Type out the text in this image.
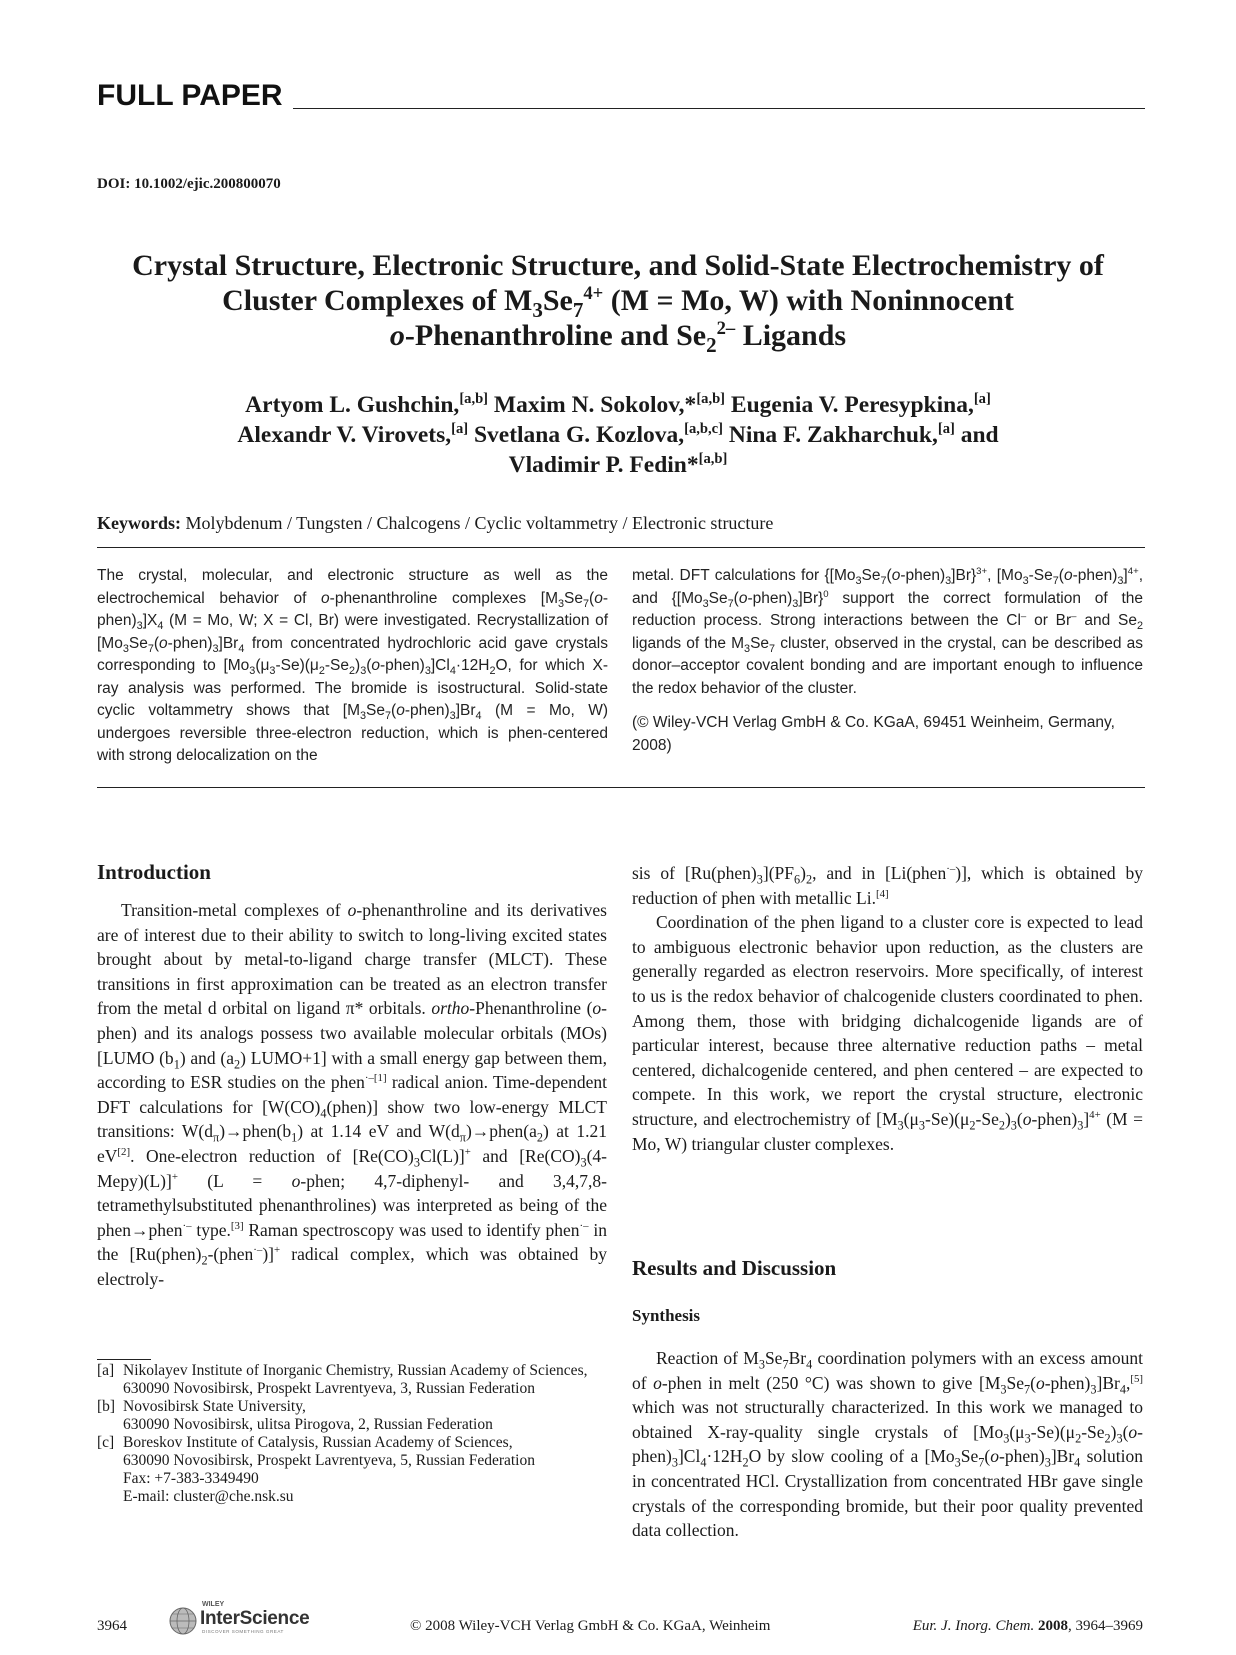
FULL PAPER
DOI: 10.1002/ejic.200800070
Crystal Structure, Electronic Structure, and Solid-State Electrochemistry of
Cluster Complexes of $M_3Se_7^{4+}$ (M = Mo, W) with Noninnocent
o-Phenanthroline and $Se_2^{2-}$ Ligands
Artyom L. Gushchin,[a,b] Maxim N. Sokolov,*[a,b] Eugenia V. Peresypkina,[a]
Alexandr V. Virovets,[a] Svetlana G. Kozlova,[a,b,c] Nina F. Zakharchuk,[a] and
Vladimir P. Fedin*[a,b]
Keywords: Molybdenum / Tungsten / Chalcogens / Cyclic voltammetry / Electronic structure
The crystal, molecular, and electronic structure as well as the electrochemical behavior of o-phenanthroline complexes $[M_3Se_7(o-phen)_3]X_4$ (M = Mo, W; X = Cl, Br) were investigated. Recrystallization of $[Mo_3Se_7(o-phen)_3]Br_4$ from concentrated hydrochloric acid gave crystals corresponding to $[Mo_3(\mu_3-Se)(\mu_2-Se_2)_3(o-phen)_3]Cl_4\cdot 12H_2O$, for which X-ray analysis was performed. The bromide is isostructural. Solid-state cyclic voltammetry shows that $[M_3Se_7(o-phen)_3]Br_4$ (M = Mo, W) undergoes reversible three-electron reduction, which is phen-centered with strong delocalization on the
metal. DFT calculations for $\{[Mo_3Se_7(o-phen)_3]Br\}^{3+}$, $[Mo_3-Se_7(o-phen)_3]^{4+}$, and $\{[Mo_3Se_7(o-phen)_3]Br\}^0$ support the correct formulation of the reduction process. Strong interactions between the Cl– or Br– and $Se_2$ ligands of the $M_3Se_7$ cluster, observed in the crystal, can be described as donor–acceptor covalent bonding and are important enough to influence the redox behavior of the cluster.
(© Wiley-VCH Verlag GmbH & Co. KGaA, 69451 Weinheim, Germany, 2008)
Introduction

Transition-metal complexes of o-phenanthroline and its derivatives are of interest due to their ability to switch to long-living excited states brought about by metal-to-ligand charge transfer (MLCT). These transitions in first approximation can be treated as an electron transfer from the metal d orbital on ligand π* orbitals. ortho-Phenanthroline (o-phen) and its analogs possess two available molecular orbitals (MOs) [LUMO $(b_1)$ and $(a_2)$ LUMO+1] with a small energy gap between them, according to ESR studies on the phen$^{\cdot-[1]}$ radical anion. Time-dependent DFT calculations for $[W(CO)_4(phen)]$ show two low-energy MLCT transitions: $W(d_\pi)\to phen(b_1)$ at 1.14 eV and $W(d_\pi)\to phen(a_2)$ at 1.21 eV[2]. One-electron reduction of $[Re(CO)_3Cl(L)]^+$ and $[Re(CO)_3(4-Mepy)(L)]^+$ (L = o-phen; 4,7-diphenyl- and 3,4,7,8-tetramethylsubstituted phenanthrolines) was interpreted as being of the phen→phen·– type.[3] Raman spectroscopy was used to identify phen·– in the $[Ru(phen)_2-(phen^{\cdot-})]^+$ radical complex, which was obtained by electroly-

[a] Nikolayev Institute of Inorganic Chemistry, Russian Academy of Sciences,
630090 Novosibirsk, Prospekt Lavrentyeva, 3, Russian Federation
[b] Novosibirsk State University,
630090 Novosibirsk, ulitsa Pirogova, 2, Russian Federation
[c] Boreskov Institute of Catalysis, Russian Academy of Sciences,
630090 Novosibirsk, Prospekt Lavrentyeva, 5, Russian Federation
Fax: +7-383-3349490
E-mail: cluster@che.nsk.su

sis of $[Ru(phen)_3](PF_6)_2$, and in [Li(phen·–)], which is obtained by reduction of phen with metallic Li.[4]

Coordination of the phen ligand to a cluster core is expected to lead to ambiguous electronic behavior upon reduction, as the clusters are generally regarded as electron reservoirs. More specifically, of interest to us is the redox behavior of chalcogenide clusters coordinated to phen. Among them, those with bridging dichalcogenide ligands are of particular interest, because three alternative reduction paths – metal centered, dichalcogenide centered, and phen centered – are expected to compete. In this work, we report the crystal structure, electronic structure, and electrochemistry of $[M_3(\mu_3-Se)(\mu_2-Se_2)_3(o-phen)_3]^{4+}$ (M = Mo, W) triangular cluster complexes.

Results and Discussion
Synthesis

Reaction of $M_3Se_7Br_4$ coordination polymers with an excess amount of o-phen in melt (250 °C) was shown to give $[M_3Se_7(o-phen)_3]Br_4,[5]$ which was not structurally characterized. In this work we managed to obtained X-ray-quality single crystals of $[Mo_3(\mu_3-Se)(\mu_2-Se_2)_3(o-phen)_3]Cl_4\cdot 12H_2O$ by slow cooling of a $[Mo_3Se_7(o-phen)_3]Br_4$ solution in concentrated HCl. Crystallization from concentrated HBr gave single crystals of the corresponding bromide, but their poor quality prevented data collection.

3964
WILEY
InterScience
DISCOVER SOMETHING GREAT	© 2008 Wiley-VCH Verlag GmbH & Co. KGaA, Weinheim	Eur. J. Inorg. Chem. 2008, 3964–3969
